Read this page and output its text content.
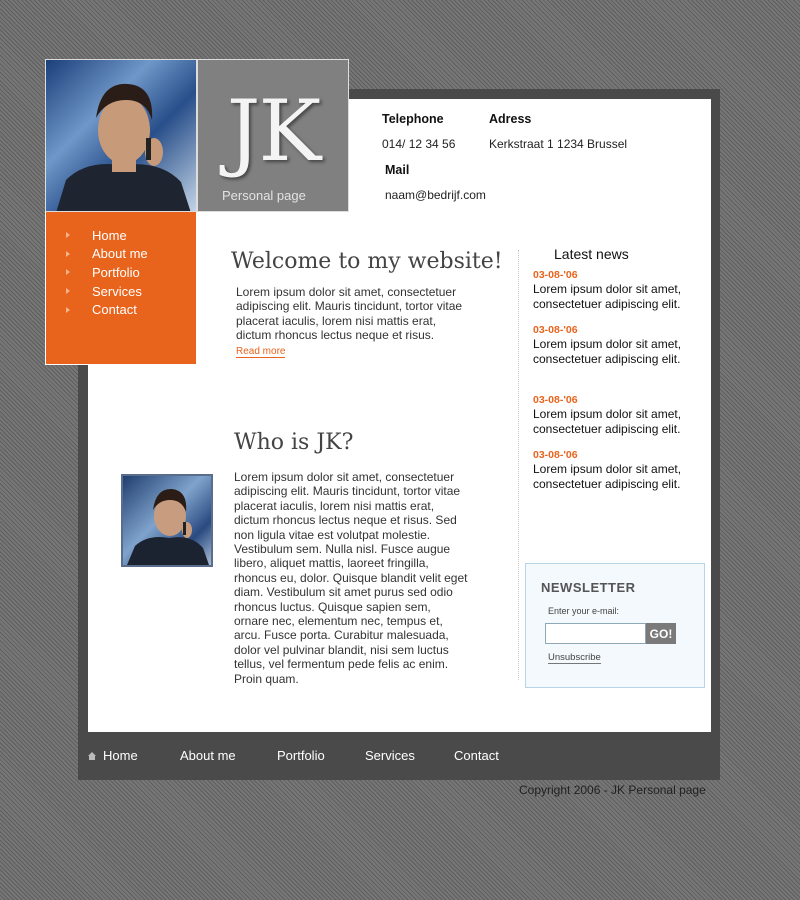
JK
Personal page
Telephone
014/ 12 34 56
Adress
Kerkstraat 1 1234 Brussel
Mail
naam@bedrijf.com
Home
About me
Portfolio
Services
Contact
Welcome to my website!
Lorem ipsum dolor sit amet, consectetuer adipiscing elit. Mauris tincidunt, tortor vitae placerat iaculis, lorem nisi mattis erat, dictum rhoncus lectus neque et risus.
Read more
Who is JK?
Lorem ipsum dolor sit amet, consectetuer adipiscing elit. Mauris tincidunt, tortor vitae placerat iaculis, lorem nisi mattis erat, dictum rhoncus lectus neque et risus. Sed non ligula vitae est volutpat molestie. Vestibulum sem. Nulla nisl. Fusce augue libero, aliquet mattis, laoreet fringilla, rhoncus eu, dolor. Quisque blandit velit eget diam. Vestibulum sit amet purus sed odio rhoncus luctus. Quisque sapien sem, ornare nec, elementum nec, tempus et, arcu. Fusce porta. Curabitur malesuada, dolor vel pulvinar blandit, nisi sem luctus tellus, vel fermentum pede felis ac enim. Proin quam.
Latest news
03-08-'06
Lorem ipsum dolor sit amet, consectetuer adipiscing elit.
03-08-'06
Lorem ipsum dolor sit amet, consectetuer adipiscing elit.
03-08-'06
Lorem ipsum dolor sit amet, consectetuer adipiscing elit.
03-08-'06
Lorem ipsum dolor sit amet, consectetuer adipiscing elit.
NEWSLETTER
Enter your e-mail:
GO!
Unsubscribe
Home	About me	Portfolio	Services	Contact
Copyright 2006 - JK Personal page
